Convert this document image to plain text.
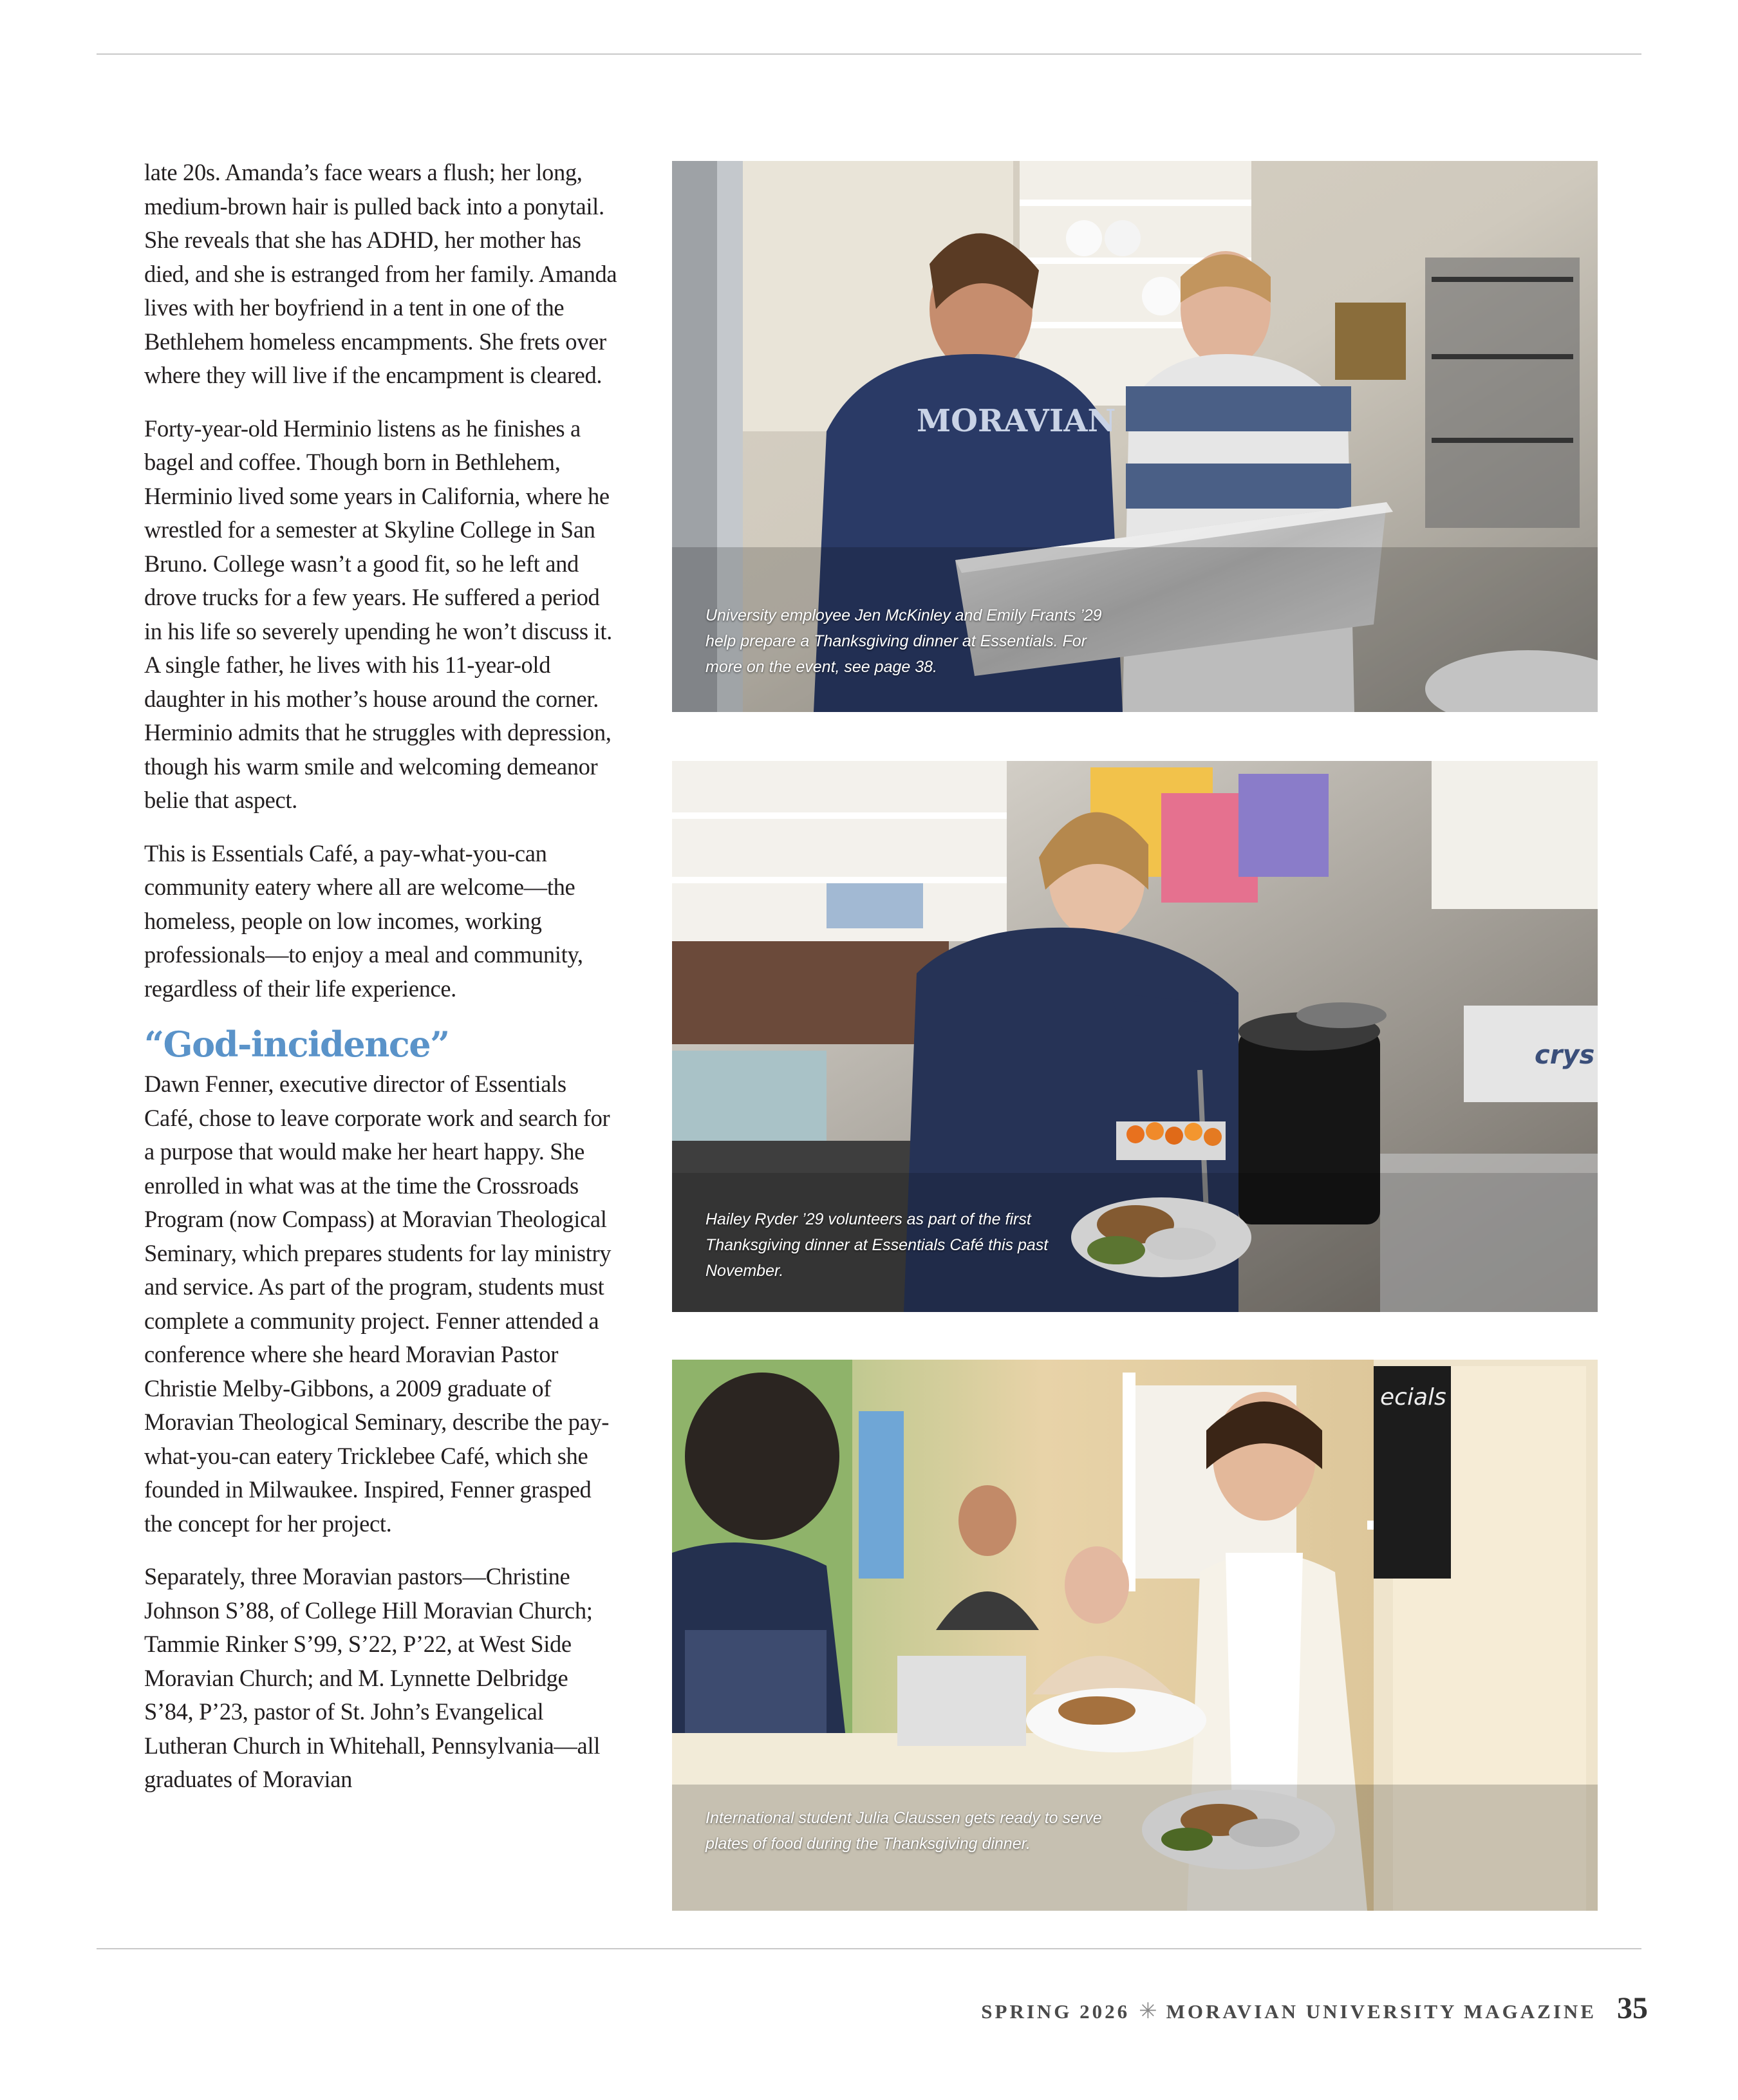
late 20s. Amanda’s face wears a flush; her long, medium-brown hair is pulled back into a ponytail. She reveals that she has ADHD, her mother has died, and she is estranged from her family. Amanda lives with her boyfriend in a tent in one of the Bethlehem homeless encampments. She frets over where they will live if the encampment is cleared.

Forty-year-old Herminio listens as he finishes a bagel and coffee. Though born in Bethlehem, Herminio lived some years in California, where he wrestled for a semester at Skyline College in San Bruno. College wasn’t a good fit, so he left and drove trucks for a few years. He suffered a period in his life so severely upending he won’t discuss it. A single father, he lives with his 11-year-old daughter in his mother’s house around the corner. Herminio admits that he struggles with depression, though his warm smile and welcoming demeanor belie that aspect.

This is Essentials Café, a pay-what-you-can community eatery where all are welcome—the homeless, people on low incomes, working professionals—to enjoy a meal and community, regardless of their life experience.

“God-incidence”

Dawn Fenner, executive director of Essentials Café, chose to leave corporate work and search for a purpose that would make her heart happy. She enrolled in what was at the time the Crossroads Program (now Compass) at Moravian Theological Seminary, which prepares students for lay ministry and service. As part of the program, students must complete a community project. Fenner attended a conference where she heard Moravian Pastor Christie Melby-Gibbons, a 2009 graduate of Moravian Theological Seminary, describe the pay-what-you-can eatery Tricklebee Café, which she founded in Milwaukee. Inspired, Fenner grasped the concept for her project.

Separately, three Moravian pastors—Christine Johnson S’88, of College Hill Moravian Church; Tammie Rinker S’99, S’22, P’22, at West Side Moravian Church; and M. Lynnette Delbridge S’84, P’23, pastor of St. John’s Evangelical Lutheran Church in Whitehall, Pennsylvania—all graduates of Moravian

MORAVIAN
University employee Jen McKinley and Emily Frants ’29 help prepare a Thanksgiving dinner at Essentials. For more on the event, see page 38.
crys
Hailey Ryder ’29 volunteers as part of the first Thanksgiving dinner at Essentials Café this past November.
ecials
International student Julia Claussen gets ready to serve plates of food during the Thanksgiving dinner.
SPRING 2026 ✳ MORAVIAN UNIVERSITY MAGAZINE 35
